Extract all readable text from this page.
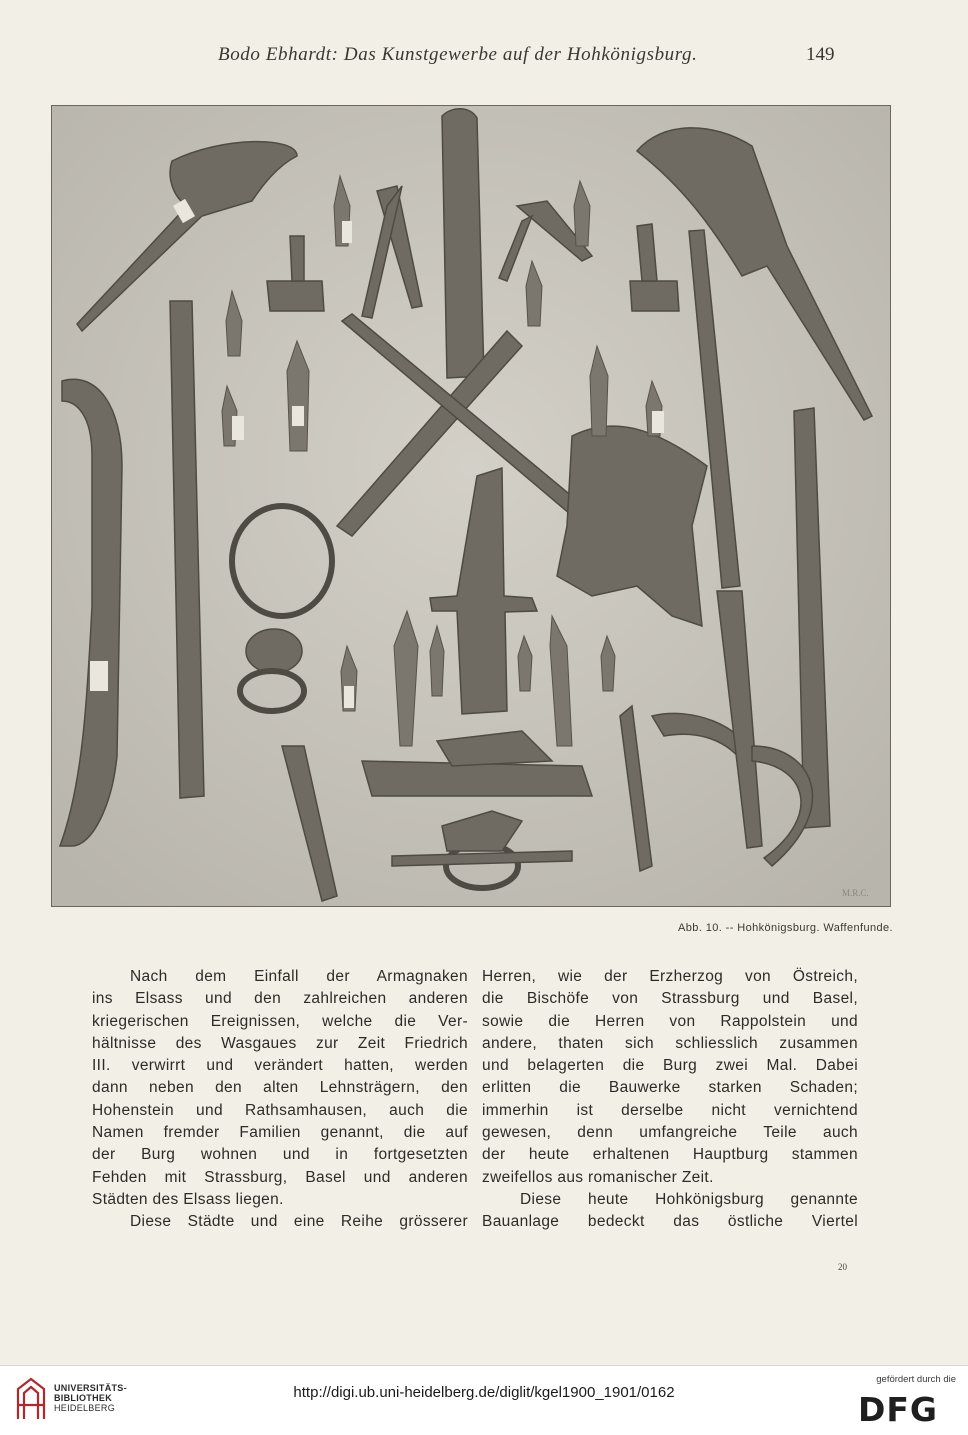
Bodo Ebhardt: Das Kunstgewerbe auf der Hohkönigsburg.	149
M.R.C.
Abb. 10. -- Hohkönigsburg. Waffenfunde.
Nach dem Einfall der Armagnaken
ins Elsass und den zahlreichen anderen
kriegerischen Ereignissen, welche die Ver-
hältnisse des Wasgaues zur Zeit Friedrich
III. verwirrt und verändert hatten, werden
dann neben den alten Lehnsträgern, den
Hohenstein und Rathsamhausen, auch die
Namen fremder Familien genannt, die auf
der Burg wohnen und in fortgesetzten
Fehden mit Strassburg, Basel und anderen
Städten des Elsass liegen.
Diese Städte und eine Reihe grösserer
Herren, wie der Erzherzog von Östreich,
die Bischöfe von Strassburg und Basel,
sowie die Herren von Rappolstein und
andere, thaten sich schliesslich zusammen
und belagerten die Burg zwei Mal. Dabei
erlitten die Bauwerke starken Schaden;
immerhin ist derselbe nicht vernichtend
gewesen, denn umfangreiche Teile auch
der heute erhaltenen Hauptburg stammen
zweifellos aus romanischer Zeit.
Diese heute Hohkönigsburg genannte
Bauanlage bedeckt das östliche Viertel
20
UNIVERSITÄTS-
BIBLIOTHEK
HEIDELBERG
http://digi.ub.uni-heidelberg.de/diglit/kgel1900_1901/0162
gefördert durch die
DFG
